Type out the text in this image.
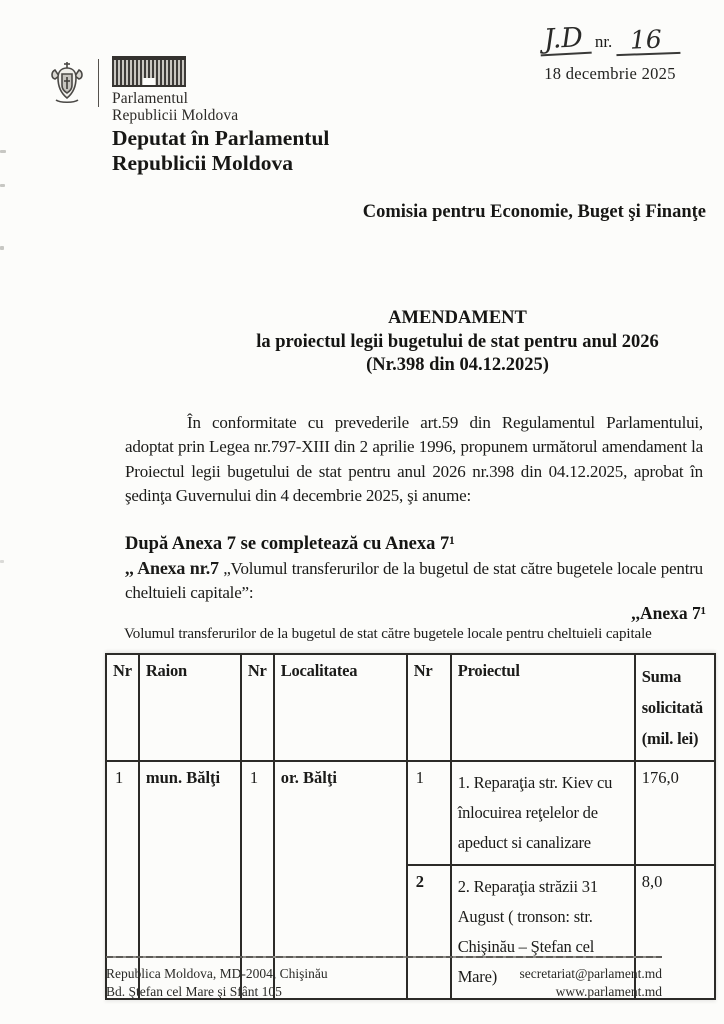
Parlamentul
Republicii Moldova
J.D nr. 16
18 decembrie 2025
Deputat în Parlamentul
Republicii Moldova
Comisia pentru Economie, Buget şi Finanţe
AMENDAMENT
la proiectul legii bugetului de stat pentru anul 2026
(Nr.398 din 04.12.2025)
În conformitate cu prevederile art.59 din Regulamentul Parlamentului, adoptat prin Legea nr.797-XIII din 2 aprilie 1996, propunem următorul amendament la Proiectul legii bugetului de stat pentru anul 2026 nr.398 din 04.12.2025, aprobat în şedinţa Guvernului din 4 decembrie 2025, şi anume:
După Anexa 7 se completează cu Anexa 7¹
,, Anexa nr.7 „Volumul transferurilor de la bugetul de stat către bugetele locale pentru cheltuieli capitale”:
,,Anexa 7¹
Volumul transferurilor de la bugetul de stat către bugetele locale pentru cheltuieli capitale
Nr	Raion	Nr	Localitatea	Nr	Proiectul	Suma solicitată (mil. lei)
1	mun. Bălţi	1	or. Bălţi	1	1. Reparaţia str. Kiev cu înlocuirea reţelelor de apeduct si canalizare	176,0
				2	2. Reparaţia străzii 31 August ( tronson: str. Chişinău – Ştefan cel Mare)	8,0
Republica Moldova, MD-2004, Chişinău
Bd. Ştefan cel Mare şi Sfânt 105
secretariat@parlament.md
www.parlament.md
